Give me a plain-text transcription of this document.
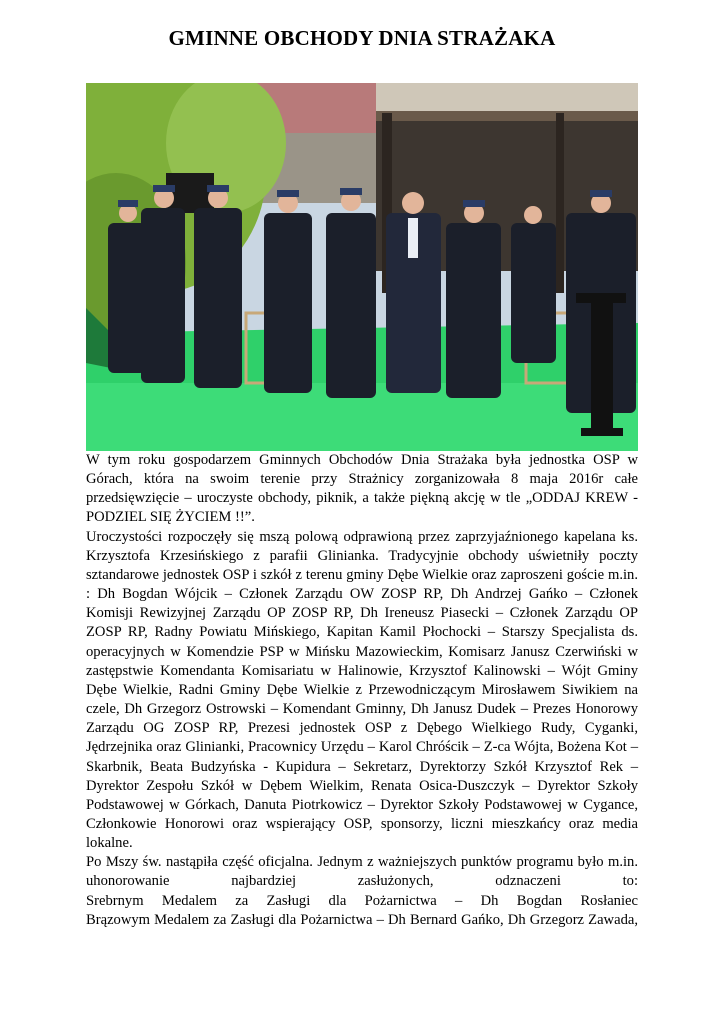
GMINNE OBCHODY DNIA STRAŻAKA

W tym roku gospodarzem Gminnych Obchodów Dnia Strażaka była jednostka OSP w Górach, która na swoim terenie przy Strażnicy zorganizowała 8 maja 2016r całe przedsięwzięcie – uroczyste obchody, piknik, a także piękną akcję w tle „ODDAJ KREW - PODZIEL SIĘ ŻYCIEM !!”.

Uroczystości rozpoczęły się mszą polową odprawioną przez zaprzyjaźnionego kapelana ks. Krzysztofa Krzesińskiego z parafii Glinianka. Tradycyjnie obchody uświetniły poczty sztandarowe jednostek OSP i szkół z terenu gminy Dębe Wielkie oraz zaproszeni goście m.in. : Dh Bogdan Wójcik – Członek Zarządu OW ZOSP RP, Dh Andrzej Gańko – Członek Komisji Rewizyjnej Zarządu OP ZOSP RP, Dh Ireneusz Piasecki – Członek Zarządu OP ZOSP RP, Radny Powiatu Mińskiego, Kapitan Kamil Płochocki – Starszy Specjalista ds. operacyjnych w Komendzie PSP w Mińsku Mazowieckim, Komisarz Janusz Czerwiński w zastępstwie Komendanta Komisariatu w Halinowie, Krzysztof Kalinowski – Wójt Gminy Dębe Wielkie, Radni Gminy Dębe Wielkie z Przewodniczącym Mirosławem Siwikiem na czele, Dh Grzegorz Ostrowski – Komendant Gminny, Dh Janusz Dudek – Prezes Honorowy Zarządu OG ZOSP RP, Prezesi jednostek OSP z Dębego Wielkiego Rudy, Cyganki, Jędrzejnika oraz Glinianki, Pracownicy Urzędu – Karol Chróścik – Z-ca Wójta, Bożena Kot – Skarbnik, Beata Budzyńska - Kupidura – Sekretarz, Dyrektorzy Szkół Krzysztof Rek – Dyrektor Zespołu Szkół w Dębem Wielkim, Renata Osica-Duszczyk – Dyrektor Szkoły Podstawowej w Górkach, Danuta Piotrkowicz – Dyrektor Szkoły Podstawowej w Cygance, Członkowie Honorowi oraz wspierający OSP, sponsorzy, liczni mieszkańcy oraz media lokalne.

Po Mszy św. nastąpiła część oficjalna. Jednym z ważniejszych punktów programu było m.in. uhonorowanie najbardziej zasłużonych, odznaczeni to:

Srebrnym Medalem za Zasługi dla Pożarnictwa – Dh Bogdan Rosłaniec

Brązowym Medalem za Zasługi dla Pożarnictwa – Dh Bernard Gańko, Dh Grzegorz Zawada,
